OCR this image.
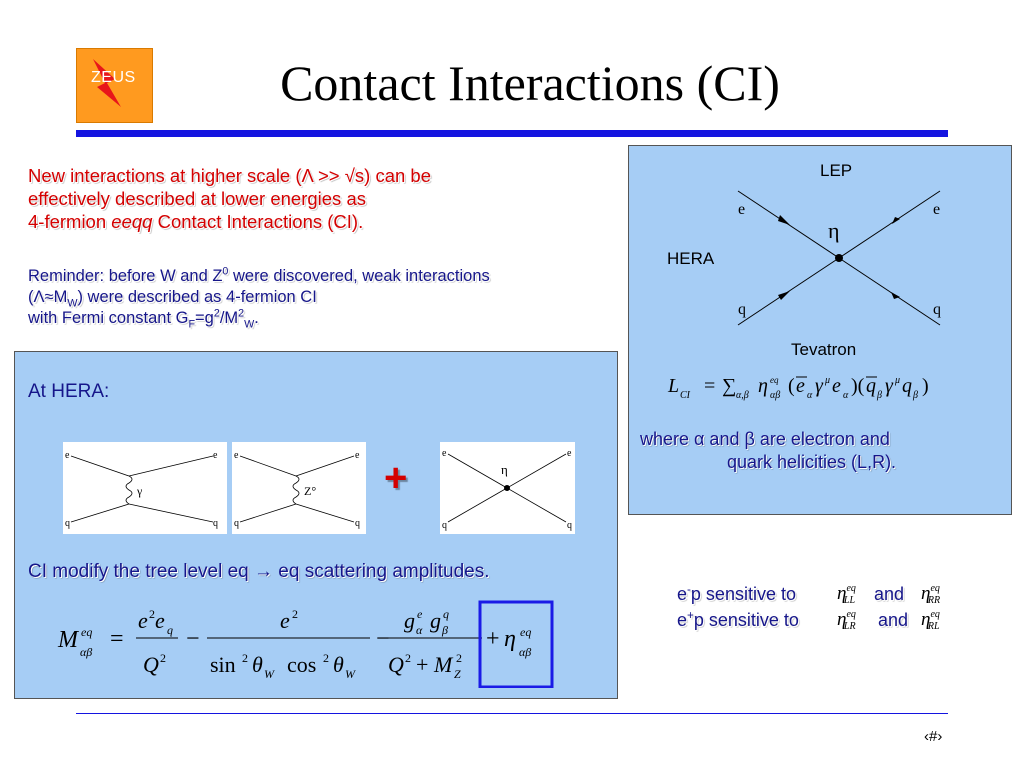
ZEUS	Contact Interactions (CI)

New interactions at higher scale (Λ >> √s) can be

effectively described at lower energies as

4-fermion eeqq Contact Interactions (CI).

Reminder: before W and $Z^0$ were discovered, weak interactions

$(\Lambda\approx M_W)$ were described as 4-fermion CI

with Fermi constant $G_F=g^2/M^2_W$.

At HERA:
e	e
q	q
γ
e	e
q	q
Z° +
e	e
q	q
η
CI modify the tree level eq → eq scattering amplitudes.
M eq
αβ =
e 2 e q
Q 2
−
e 2
sin 2 θ W cos 2 θ W
−
g e
α g q
β
Q 2 + M 2
Z
+ η eq
αβ
LEP
HERA
Tevatron
e	e
q	q
η
L CI = ∑ α,β η eq
αβ ( e α γ μ e α )( q β γ μ q β )
where α and β are electron and
quark helicities (L,R).
e-p sensitive to $\eta^{eq}_{LL}$	and $\eta^{eq}_{RR}$
e+p sensitive to $\eta^{eq}_{LR}$	and $\eta^{eq}_{RL}$
‹#›
